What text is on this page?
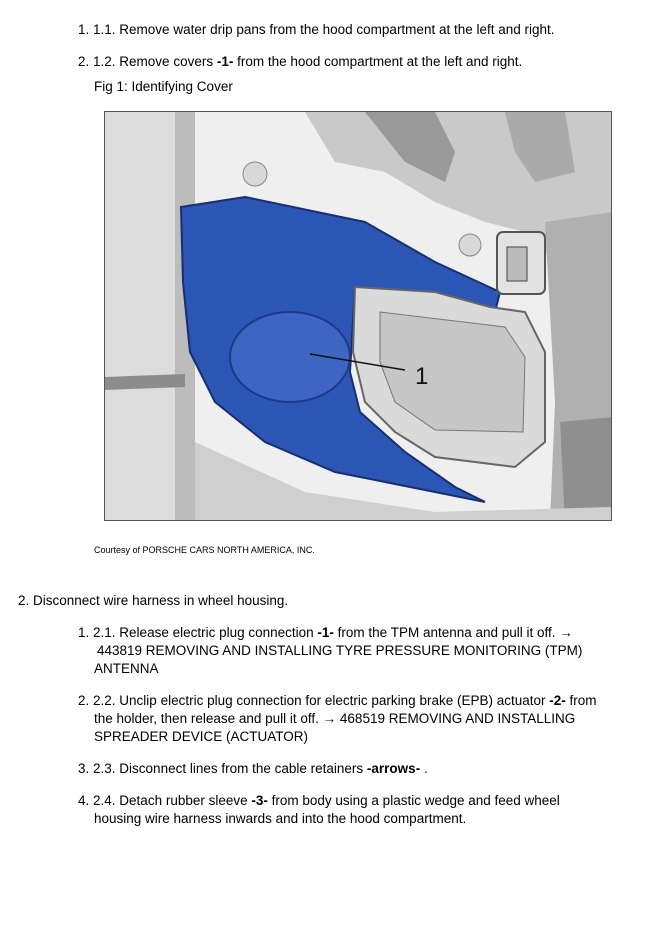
1. 1.1. Remove water drip pans from the hood compartment at the left and right.
2. 1.2. Remove covers -1- from the hood compartment at the left and right.
Fig 1: Identifying Cover
1
Courtesy of PORSCHE CARS NORTH AMERICA, INC.
2. Disconnect wire harness in wheel housing.
1. 2.1. Release electric plug connection -1- from the TPM antenna and pull it off. →
443819 REMOVING AND INSTALLING TYRE PRESSURE MONITORING (TPM)
ANTENNA
2. 2.2. Unclip electric plug connection for electric parking brake (EPB) actuator -2- from
the holder, then release and pull it off. → 468519 REMOVING AND INSTALLING
SPREADER DEVICE (ACTUATOR)
3. 2.3. Disconnect lines from the cable retainers -arrows- .
4. 2.4. Detach rubber sleeve -3- from body using a plastic wedge and feed wheel
housing wire harness inwards and into the hood compartment.
